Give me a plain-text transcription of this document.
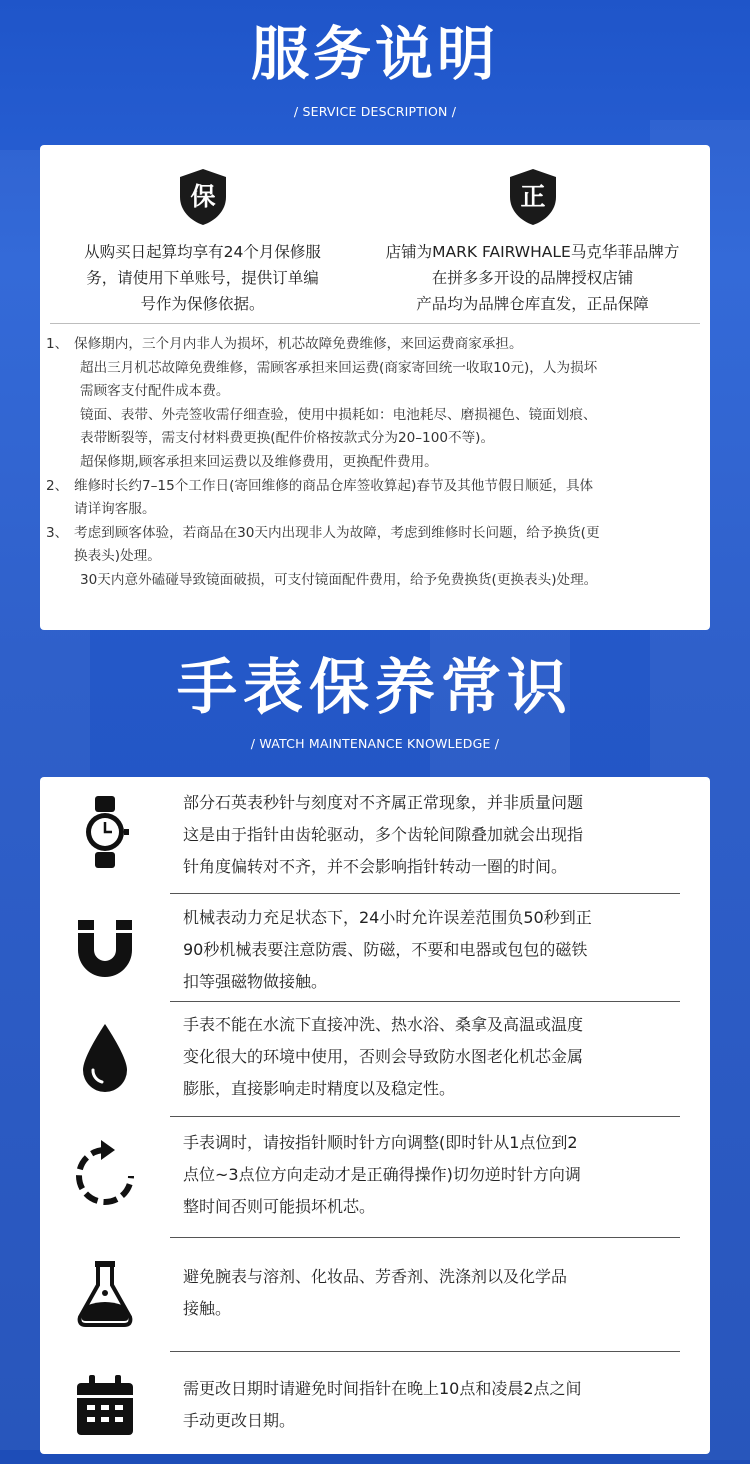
服务说明
/ SERVICE DESCRIPTION /
保
从购买日起算均享有24个月保修服
务，请使用下单账号，提供订单编
号作为保修依据。
正
店铺为MARK FAIRWHALE马克华菲品牌方
在拼多多开设的品牌授权店铺
产品均为品牌仓库直发，正品保障
1、 保修期内，三个月内非人为损坏，机芯故障免费维修，来回运费商家承担。
超出三月机芯故障免费维修，需顾客承担来回运费(商家寄回统一收取10元)，人为损坏
需顾客支付配件成本费。
镜面、表带、外壳签收需仔细查验，使用中损耗如：电池耗尽、磨损褪色、镜面划痕、
表带断裂等，需支付材料费更换(配件价格按款式分为20–100不等)。
超保修期,顾客承担来回运费以及维修费用，更换配件费用。
2、 维修时长约7–15个工作日(寄回维修的商品仓库签收算起)春节及其他节假日顺延，具体
请详询客服。
3、 考虑到顾客体验，若商品在30天内出现非人为故障，考虑到维修时长问题，给予换货(更
换表头)处理。
30天内意外磕碰导致镜面破损，可支付镜面配件费用，给予免费换货(更换表头)处理。
手表保养常识
/ WATCH MAINTENANCE KNOWLEDGE /
部分石英表秒针与刻度对不齐属正常现象，并非质量问题
这是由于指针由齿轮驱动，多个齿轮间隙叠加就会出现指
针角度偏转对不齐，并不会影响指针转动一圈的时间。
机械表动力充足状态下，24小时允许误差范围负50秒到正
90秒机械表要注意防震、防磁，不要和电器或包包的磁铁
扣等强磁物做接触。
手表不能在水流下直接冲洗、热水浴、桑拿及高温或温度
变化很大的环境中使用，否则会导致防水图老化机芯金属
膨胀，直接影响走时精度以及稳定性。
手表调时，请按指针顺时针方向调整(即时针从1点位到2
点位~3点位方向走动才是正确得操作)切勿逆时针方向调
整时间否则可能损坏机芯。
避免腕表与溶剂、化妆品、芳香剂、洗涤剂以及化学品
接触。
需更改日期时请避免时间指针在晚上10点和凌晨2点之间
手动更改日期。
